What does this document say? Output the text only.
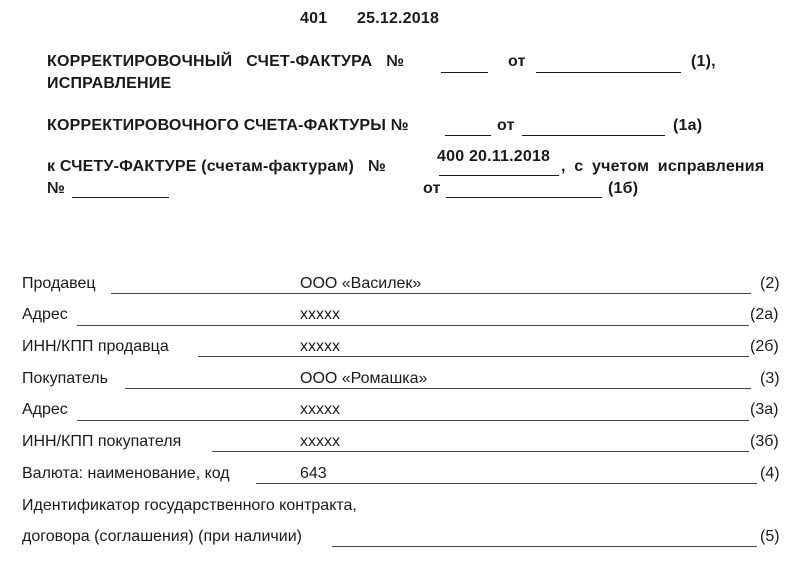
401 25.12.2018
КОРРЕКТИРОВОЧНЫЙ   СЧЕТ-ФАКТУРА   №	от	(1),
ИСПРАВЛЕНИЕ
КОРРЕКТИРОВОЧНОГО СЧЕТА-ФАКТУРЫ №	от	(1а)
к СЧЕТУ-ФАКТУРЕ (счетам-фактурам)   №
400 20.11.2018
, с учетом исправления
№	от	(1б)
Продавец	ООО «Василек»	(2)
Адрес	ххххх	(2а)
ИНН/КПП продавца	ххххх	(2б)
Покупатель	ООО «Ромашка»	(3)
Адрес	ххххх	(3а)
ИНН/КПП покупателя	ххххх	(3б)
Валюта: наименование, код	643	(4)
Идентификатор государственного контракта,
договора (соглашения) (при наличии)	(5)
